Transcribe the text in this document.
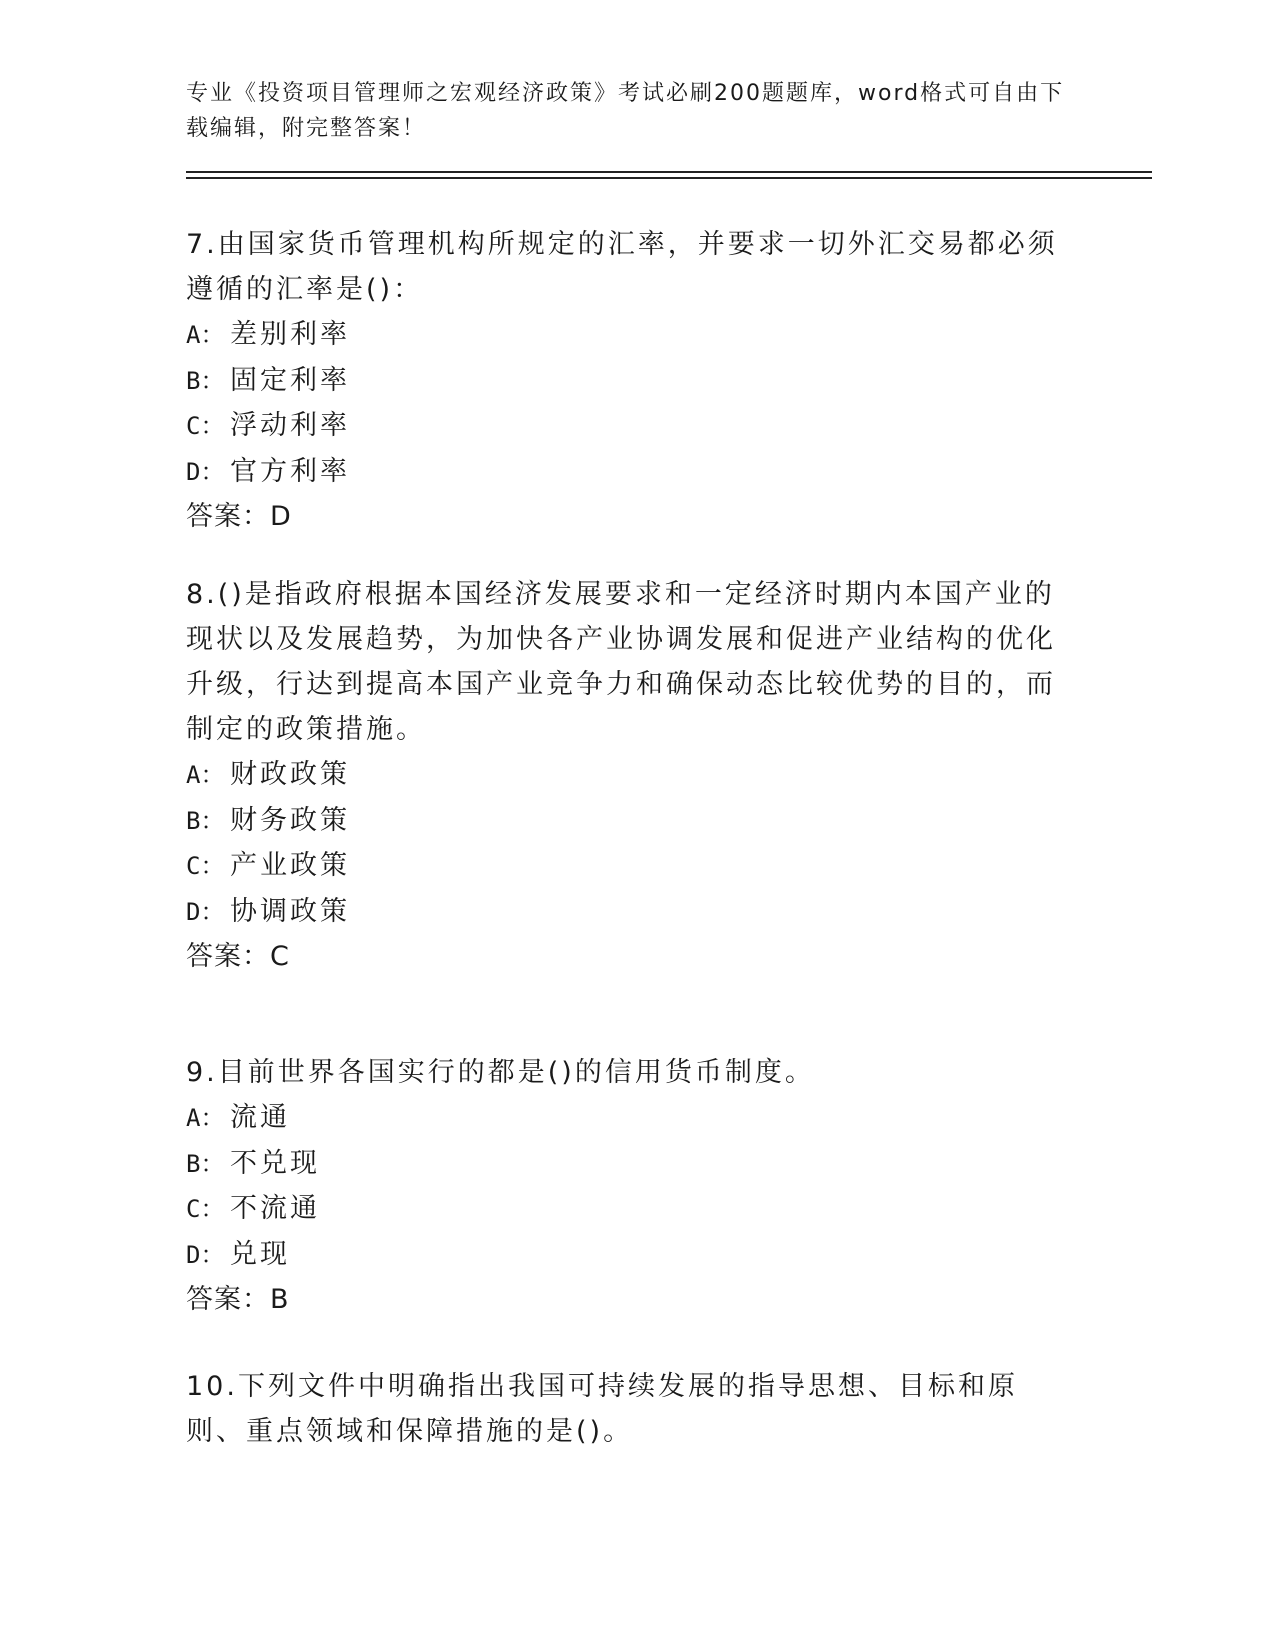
专业《投资项目管理师之宏观经济政策》考试必刷200题题库，word格式可自由下载编辑，附完整答案！
7.由国家货币管理机构所规定的汇率，并要求一切外汇交易都必须遵循的汇率是()：
A： 差别利率
B： 固定利率
C： 浮动利率
D： 官方利率
答案：D
8.()是指政府根据本国经济发展要求和一定经济时期内本国产业的现状以及发展趋势，为加快各产业协调发展和促进产业结构的优化升级，行达到提高本国产业竞争力和确保动态比较优势的目的，而制定的政策措施。
A： 财政政策
B： 财务政策
C： 产业政策
D： 协调政策
答案：C
9.目前世界各国实行的都是()的信用货币制度。
A： 流通
B： 不兑现
C： 不流通
D： 兑现
答案：B
10.下列文件中明确指出我国可持续发展的指导思想、目标和原则、重点领域和保障措施的是()。
